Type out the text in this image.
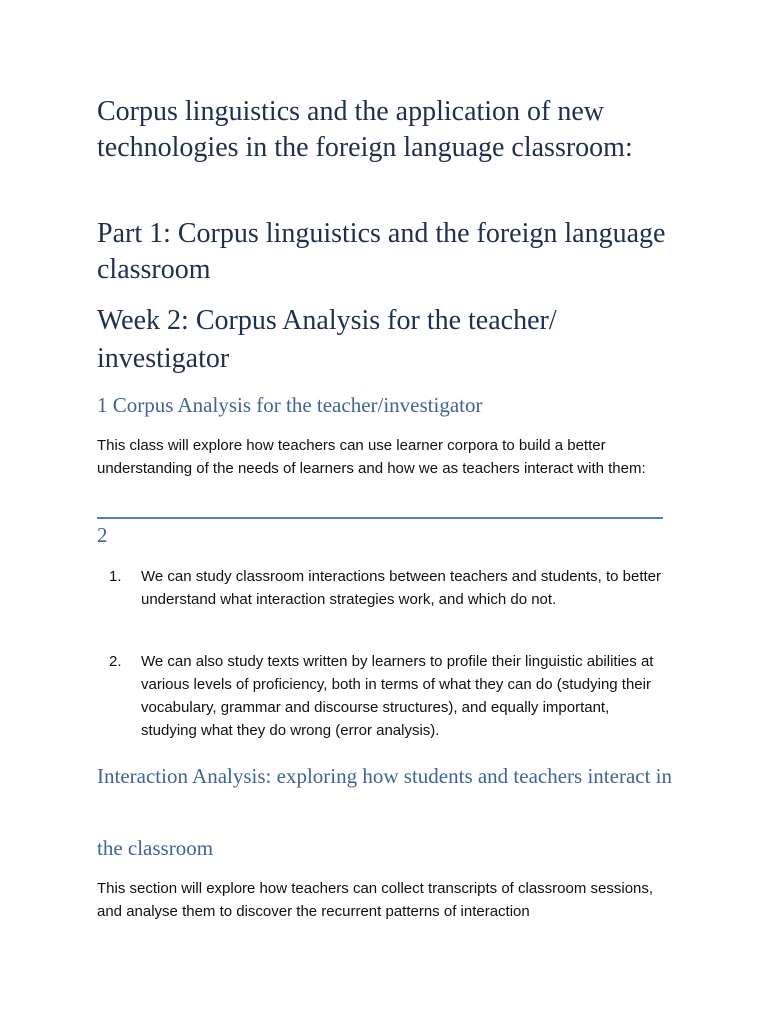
Corpus linguistics and the application of new technologies in the foreign language classroom:
Part 1: Corpus linguistics and the foreign language classroom
Week 2: Corpus Analysis for the teacher/ investigator
1 Corpus Analysis for the teacher/investigator

This class will explore how teachers can use learner corpora to build a better understanding of the needs of learners and how we as teachers interact with them:

2
1. We can study classroom interactions between teachers and students, to better understand what interaction strategies work, and which do not.
2. We can also study texts written by learners to profile their linguistic abilities at various levels of proficiency, both in terms of what they can do (studying their vocabulary, grammar and discourse structures), and equally important, studying what they do wrong (error analysis).
Interaction Analysis: exploring how students and teachers interact in
the classroom

This section will explore how teachers can collect transcripts of classroom sessions, and analyse them to discover the recurrent patterns of interaction
